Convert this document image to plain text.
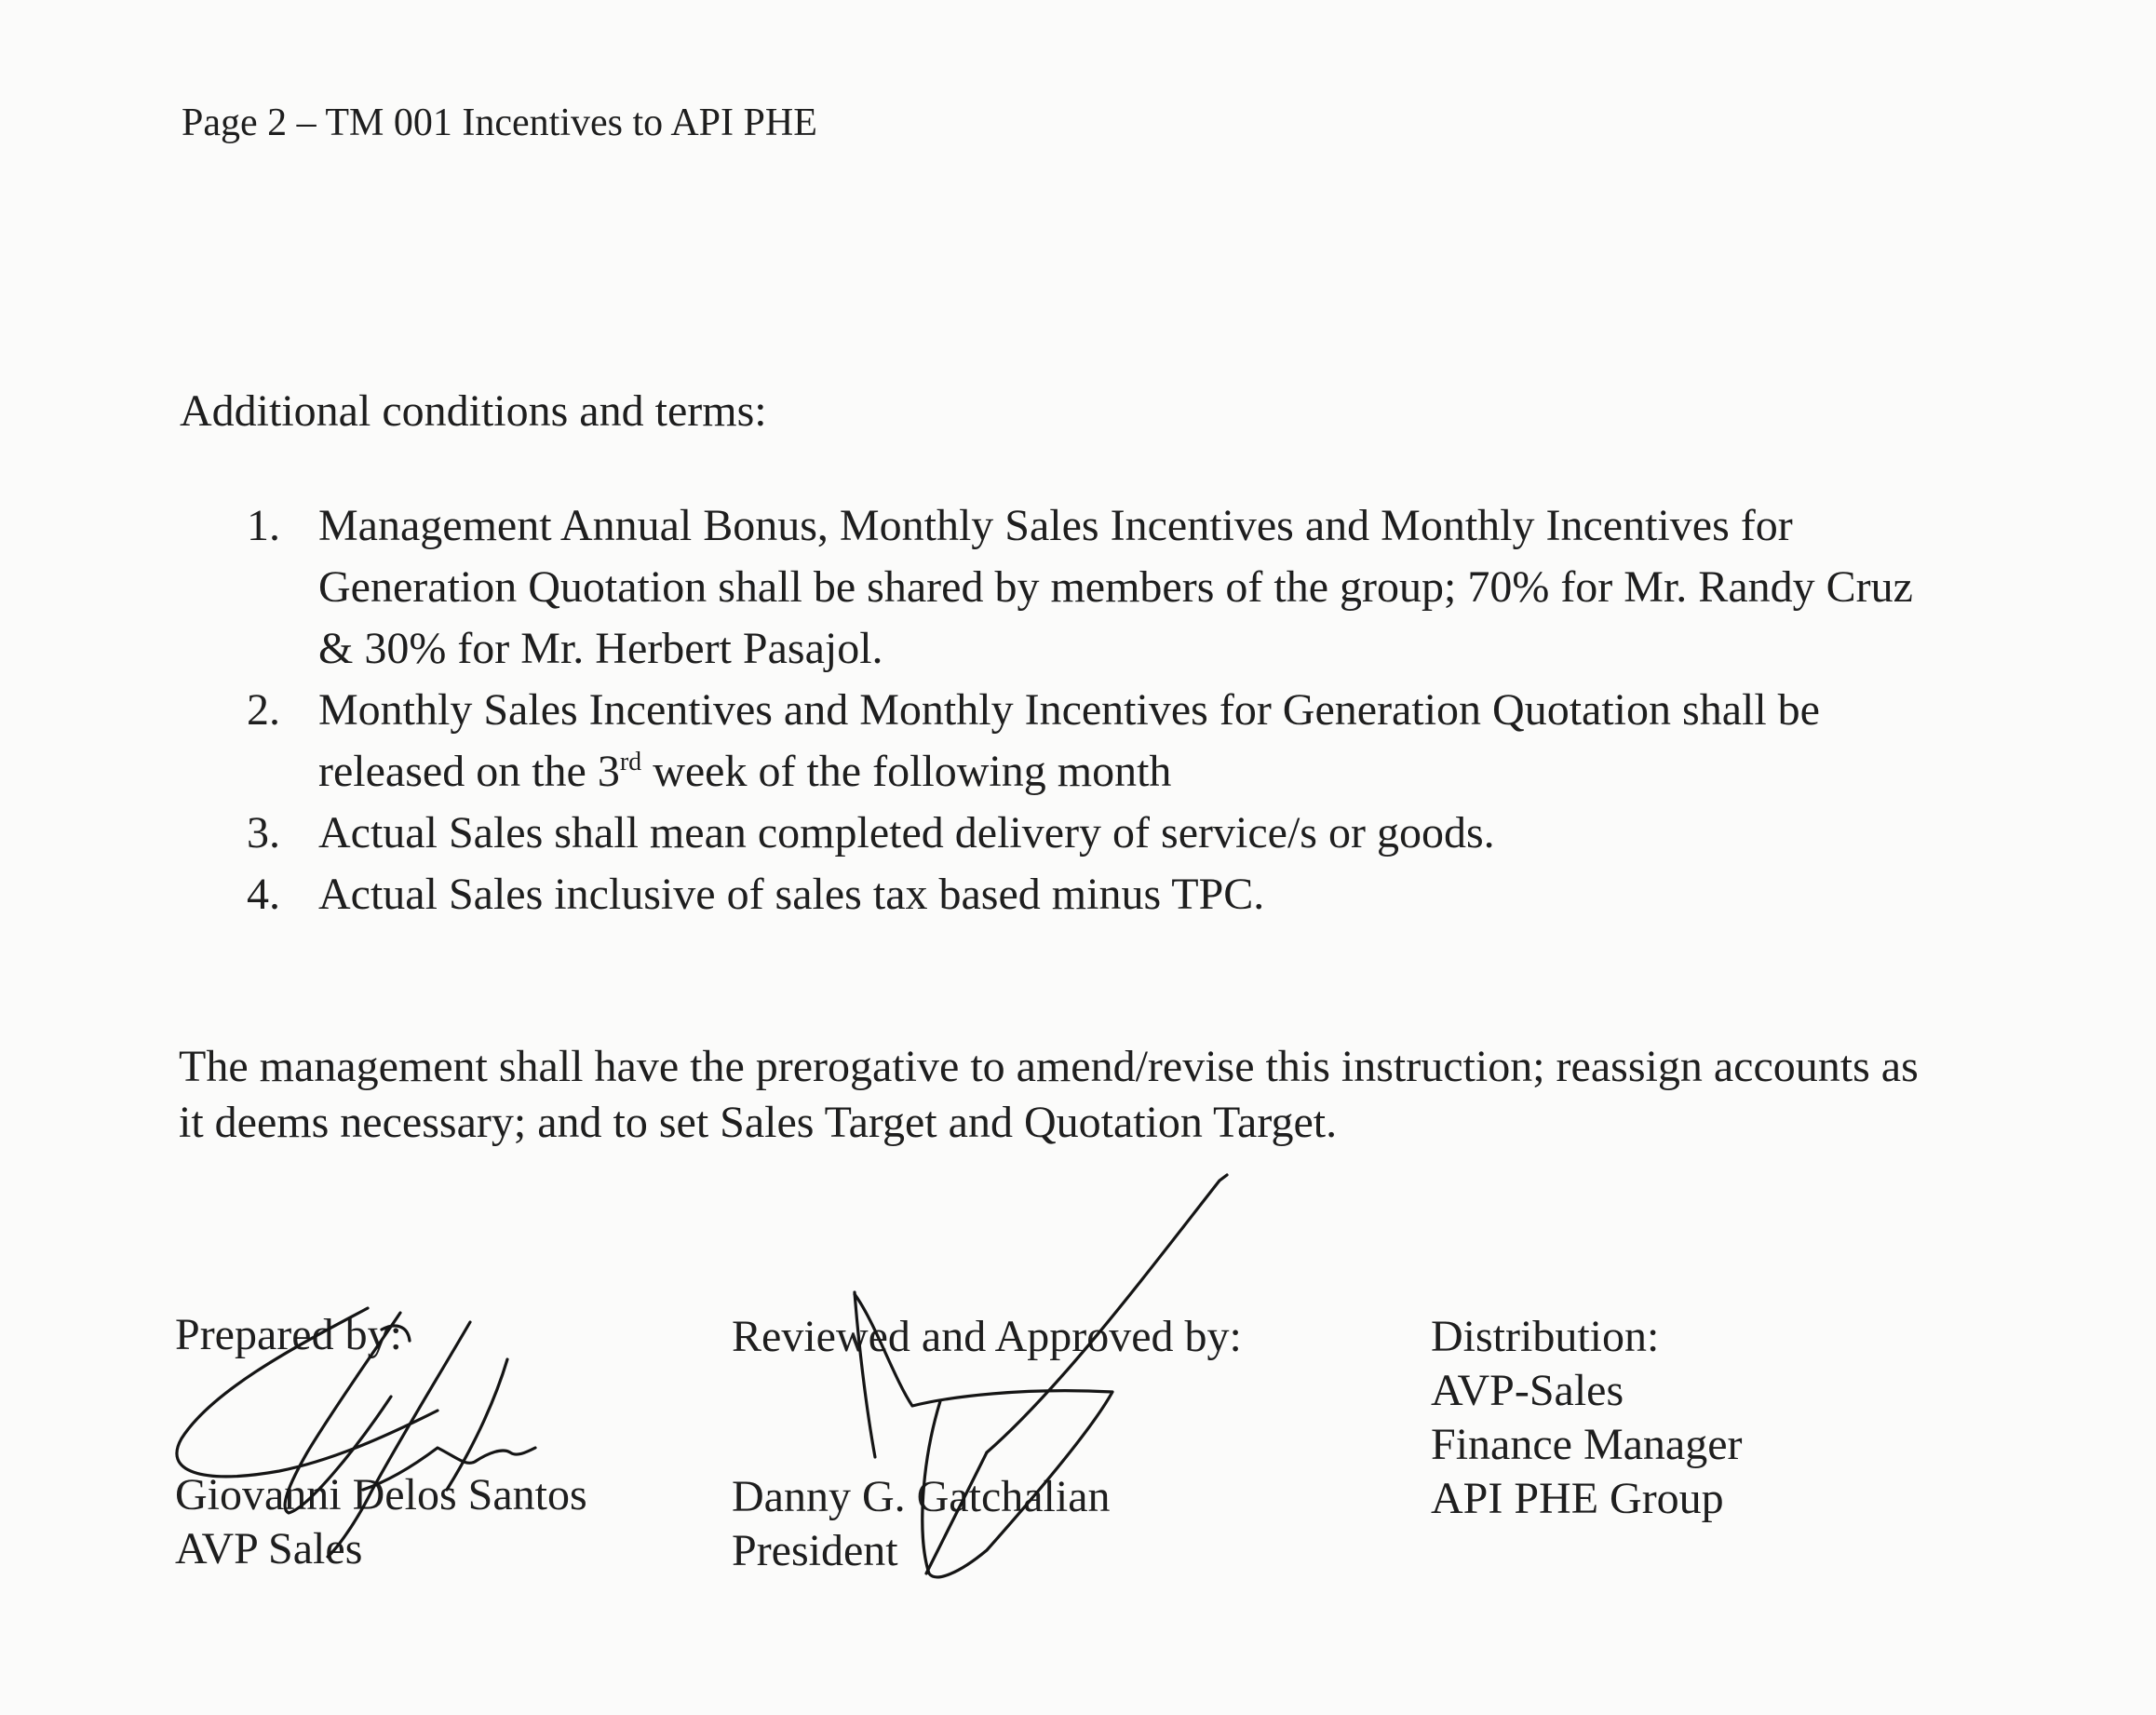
Page 2 – TM 001 Incentives to API PHE
Additional conditions and terms:
1. Management Annual Bonus, Monthly Sales Incentives and Monthly Incentives for
Generation Quotation shall be shared by members of the group; 70% for Mr. Randy Cruz
& 30% for Mr. Herbert Pasajol.
2. Monthly Sales Incentives and Monthly Incentives for Generation Quotation shall be
released on the 3rd week of the following month
3. Actual Sales shall mean completed delivery of service/s or goods.
4. Actual Sales inclusive of sales tax based minus TPC.
The management shall have the prerogative to amend/revise this instruction; reassign accounts as
it deems necessary; and to set Sales Target and Quotation Target.
Prepared by:
Giovanni Delos Santos
AVP Sales
Reviewed and Approved by:
Danny G. Gatchalian
President
Distribution:
AVP-Sales
Finance Manager
API PHE Group
